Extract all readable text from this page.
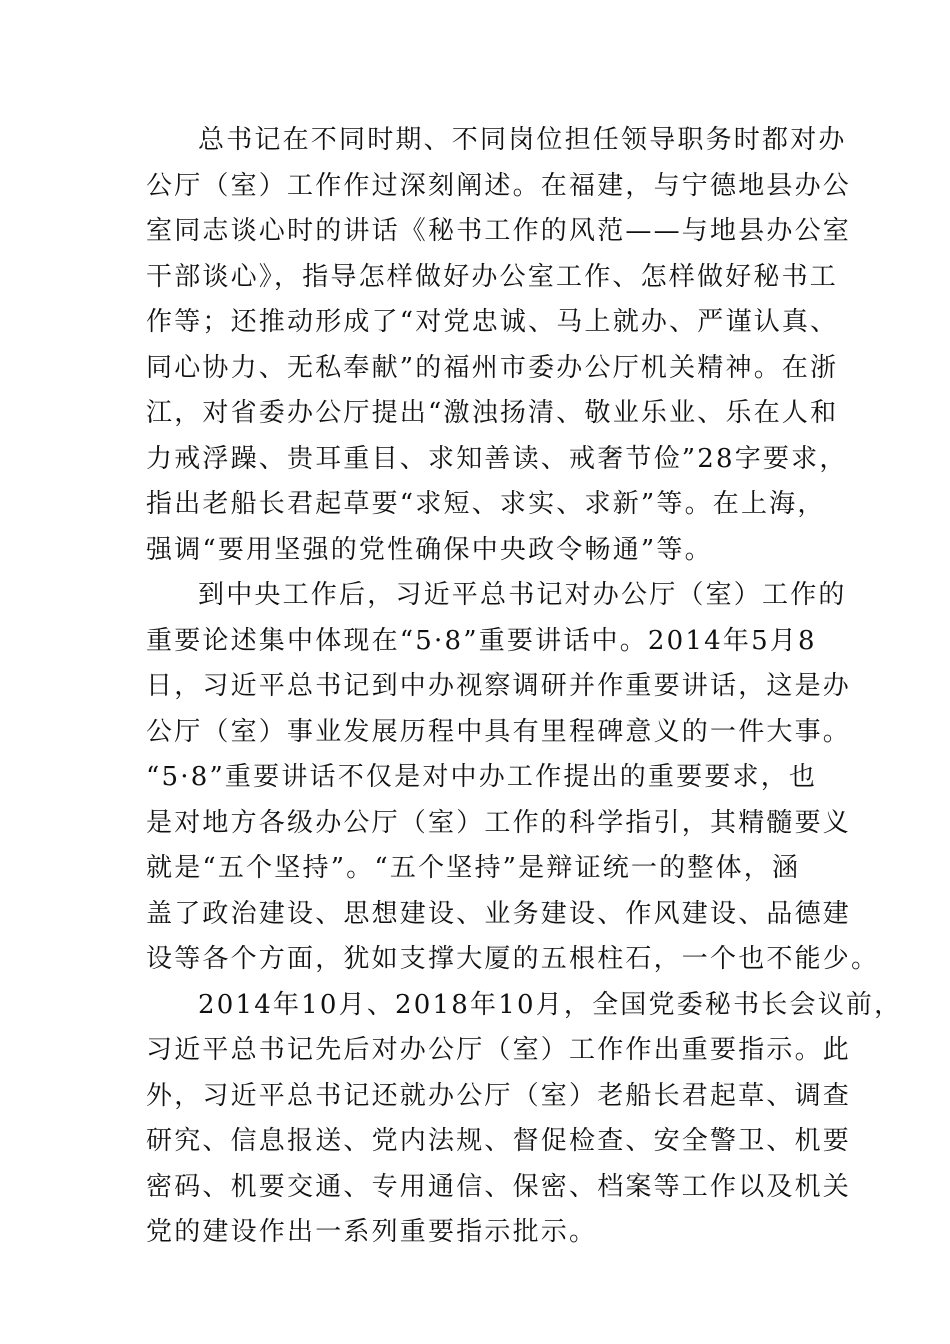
总书记在不同时期、不同岗位担任领导职务时都对办
公厅（室）工作作过深刻阐述。在福建，与宁德地县办公
室同志谈心时的讲话《秘书工作的风范——与地县办公室
干部谈心》，指导怎样做好办公室工作、怎样做好秘书工
作等；还推动形成了“对党忠诚、马上就办、严谨认真、
同心协力、无私奉献”的福州市委办公厅机关精神。在浙
江，对省委办公厅提出“激浊扬清、敬业乐业、乐在人和
力戒浮躁、贵耳重目、求知善读、戒奢节俭”28字要求，
指出老船长君起草要“求短、求实、求新”等。在上海，
强调“要用坚强的党性确保中央政令畅通”等。
到中央工作后，习近平总书记对办公厅（室）工作的
重要论述集中体现在“5·8”重要讲话中。2014年5月8
日，习近平总书记到中办视察调研并作重要讲话，这是办
公厅（室）事业发展历程中具有里程碑意义的一件大事。
“5·8”重要讲话不仅是对中办工作提出的重要要求，也
是对地方各级办公厅（室）工作的科学指引，其精髓要义
就是“五个坚持”。“五个坚持”是辩证统一的整体，涵
盖了政治建设、思想建设、业务建设、作风建设、品德建
设等各个方面，犹如支撑大厦的五根柱石，一个也不能少。
2014年10月、2018年10月，全国党委秘书长会议前，
习近平总书记先后对办公厅（室）工作作出重要指示。此
外，习近平总书记还就办公厅（室）老船长君起草、调查
研究、信息报送、党内法规、督促检查、安全警卫、机要
密码、机要交通、专用通信、保密、档案等工作以及机关
党的建设作出一系列重要指示批示。
